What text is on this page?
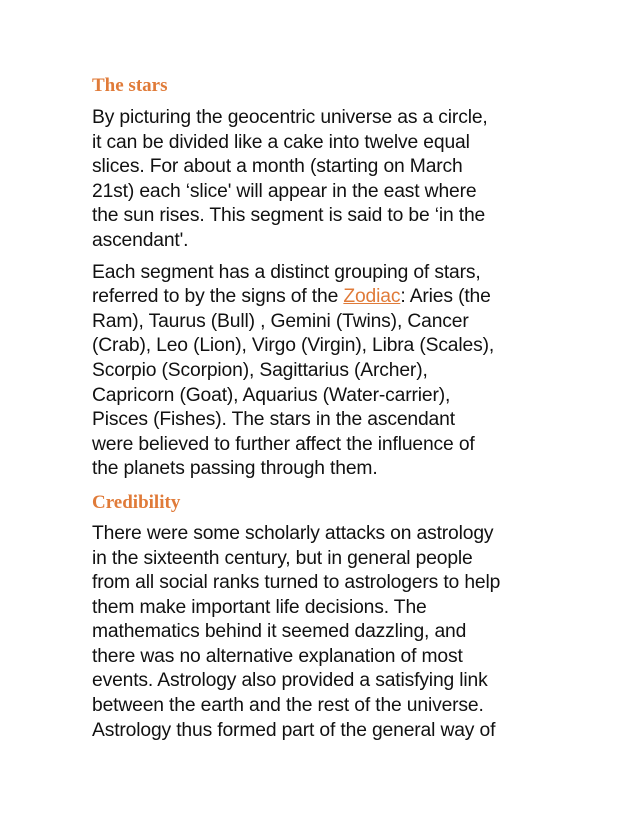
The stars

By picturing the geocentric universe as a circle,
it can be divided like a cake into twelve equal
slices. For about a month (starting on March
21st) each ‘slice' will appear in the east where
the sun rises. This segment is said to be ‘in the
ascendant'.

Each segment has a distinct grouping of stars,
referred to by the signs of the Zodiac: Aries (the
Ram), Taurus (Bull) , Gemini (Twins), Cancer
(Crab), Leo (Lion), Virgo (Virgin), Libra (Scales),
Scorpio (Scorpion), Sagittarius (Archer),
Capricorn (Goat), Aquarius (Water-carrier),
Pisces (Fishes). The stars in the ascendant
were believed to further affect the influence of
the planets passing through them.

Credibility

There were some scholarly attacks on astrology
in the sixteenth century, but in general people
from all social ranks turned to astrologers to help
them make important life decisions. The
mathematics behind it seemed dazzling, and
there was no alternative explanation of most
events. Astrology also provided a satisfying link
between the earth and the rest of the universe.
Astrology thus formed part of the general way of
